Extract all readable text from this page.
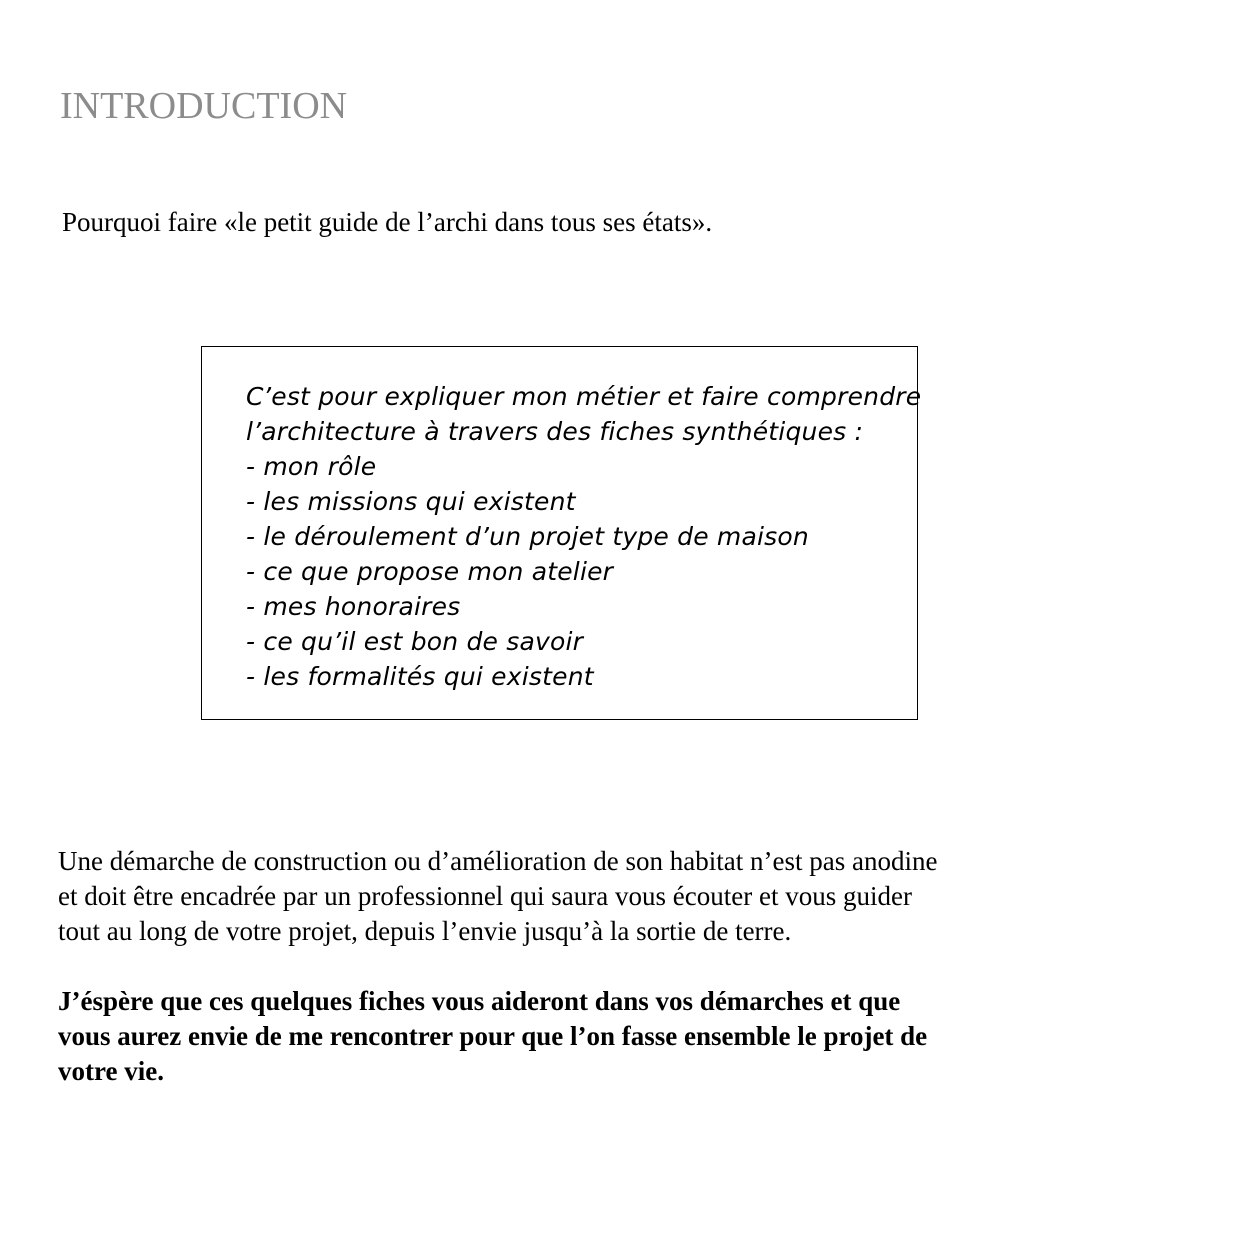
INTRODUCTION

Pourquoi faire «le petit guide de l’archi dans tous ses états».

C’est pour expliquer mon métier et faire comprendre
l’architecture à travers des fiches synthétiques :
- mon rôle
- les missions qui existent
- le déroulement d’un projet type de maison
- ce que propose mon atelier
- mes honoraires
- ce qu’il est bon de savoir
- les formalités qui existent

Une démarche de construction ou d’amélioration de son habitat n’est pas anodine
et doit être encadrée par un professionnel qui saura vous écouter et vous guider
tout au long de votre projet, depuis l’envie jusqu’à la sortie de terre.

J’éspère que ces quelques fiches vous aideront dans vos démarches et que
vous aurez envie de me rencontrer pour que l’on fasse ensemble le projet de
votre vie.
